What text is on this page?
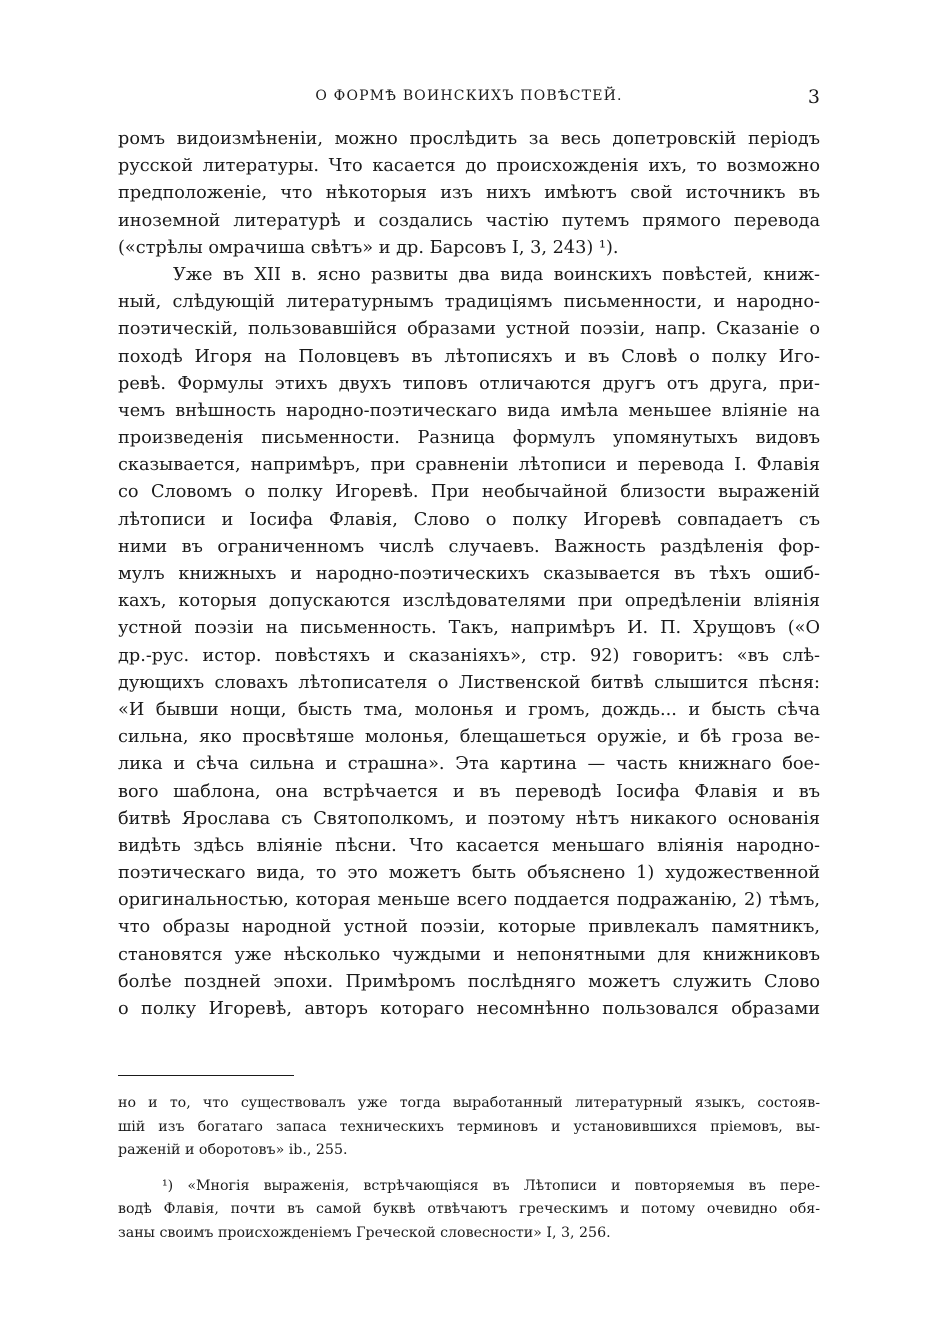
О ФОРМѢ ВОИНСКИХЪ ПОВѢСТЕЙ.	3
ромъ видоизмѣненіи, можно прослѣдить за весь допетровскій періодъ
русской литературы. Что касается до происхожденія ихъ, то возможно
предположеніе, что нѣкоторыя изъ нихъ имѣютъ свой источникъ въ
иноземной литературѣ и создались частію путемъ прямого перевода
(«стрѣлы омрачиша свѣтъ» и др. Барсовъ I, 3, 243) ¹).
Уже въ XII в. ясно развиты два вида воинскихъ повѣстей, книж-
ный, слѣдующій литературнымъ традиціямъ письменности, и народно-
поэтическій, пользовавшійся образами устной поэзіи, напр. Сказаніе о
походѣ Игоря на Половцевъ въ лѣтописяхъ и въ Словѣ о полку Иго-
ревѣ. Формулы этихъ двухъ типовъ отличаются другъ отъ друга, при-
чемъ внѣшность народно-поэтическаго вида имѣла меньшее вліяніе на
произведенія письменности. Разница формулъ упомянутыхъ видовъ
сказывается, напримѣръ, при сравненіи лѣтописи и перевода I. Флавія
со Словомъ о полку Игоревѣ. При необычайной близости выраженій
лѣтописи и Іосифа Флавія, Слово о полку Игоревѣ совпадаетъ съ
ними въ ограниченномъ числѣ случаевъ. Важность раздѣленія фор-
мулъ книжныхъ и народно-поэтическихъ сказывается въ тѣхъ ошиб-
кахъ, которыя допускаются изслѣдователями при опредѣленіи вліянія
устной поэзіи на письменность. Такъ, напримѣръ И. П. Хрущовъ («О
др.-рус. истор. повѣстяхъ и сказаніяхъ», стр. 92) говоритъ: «въ слѣ-
дующихъ словахъ лѣтописателя о Лиственской битвѣ слышится пѣсня:
«И бывши нощи, бысть тма, молонья и громъ, дождь... и бысть сѣча
сильна, яко просвѣтяше молонья, блещашеться оружіе, и бѣ гроза ве-
лика и сѣча сильна и страшна». Эта картина — часть книжнаго бое-
вого шаблона, она встрѣчается и въ переводѣ Іосифа Флавія и въ
битвѣ Ярослава съ Святополкомъ, и поэтому нѣтъ никакого основанія
видѣть здѣсь вліяніе пѣсни. Что касается меньшаго вліянія народно-
поэтическаго вида, то это можетъ быть объяснено 1) художественной
оригинальностью, которая меньше всего поддается подражанію, 2) тѣмъ,
что образы народной устной поэзіи, которые привлекалъ памятникъ,
становятся уже нѣсколько чуждыми и непонятными для книжниковъ
болѣе поздней эпохи. Примѣромъ послѣдняго можетъ служить Слово
о полку Игоревѣ, авторъ котораго несомнѣнно пользовался образами
но и то, что существовалъ уже тогда выработанный литературный языкъ, состояв-
шій изъ богатаго запаса техническихъ терминовъ и установившихся пріемовъ, вы-
раженій и оборотовъ» ib., 255.
¹) «Многія выраженія, встрѣчающіяся въ Лѣтописи и повторяемыя въ пере-
водѣ Флавія, почти въ самой буквѣ отвѣчаютъ греческимъ и потому очевидно обя-
заны своимъ происхожденіемъ Греческой словесности» I, 3, 256.
